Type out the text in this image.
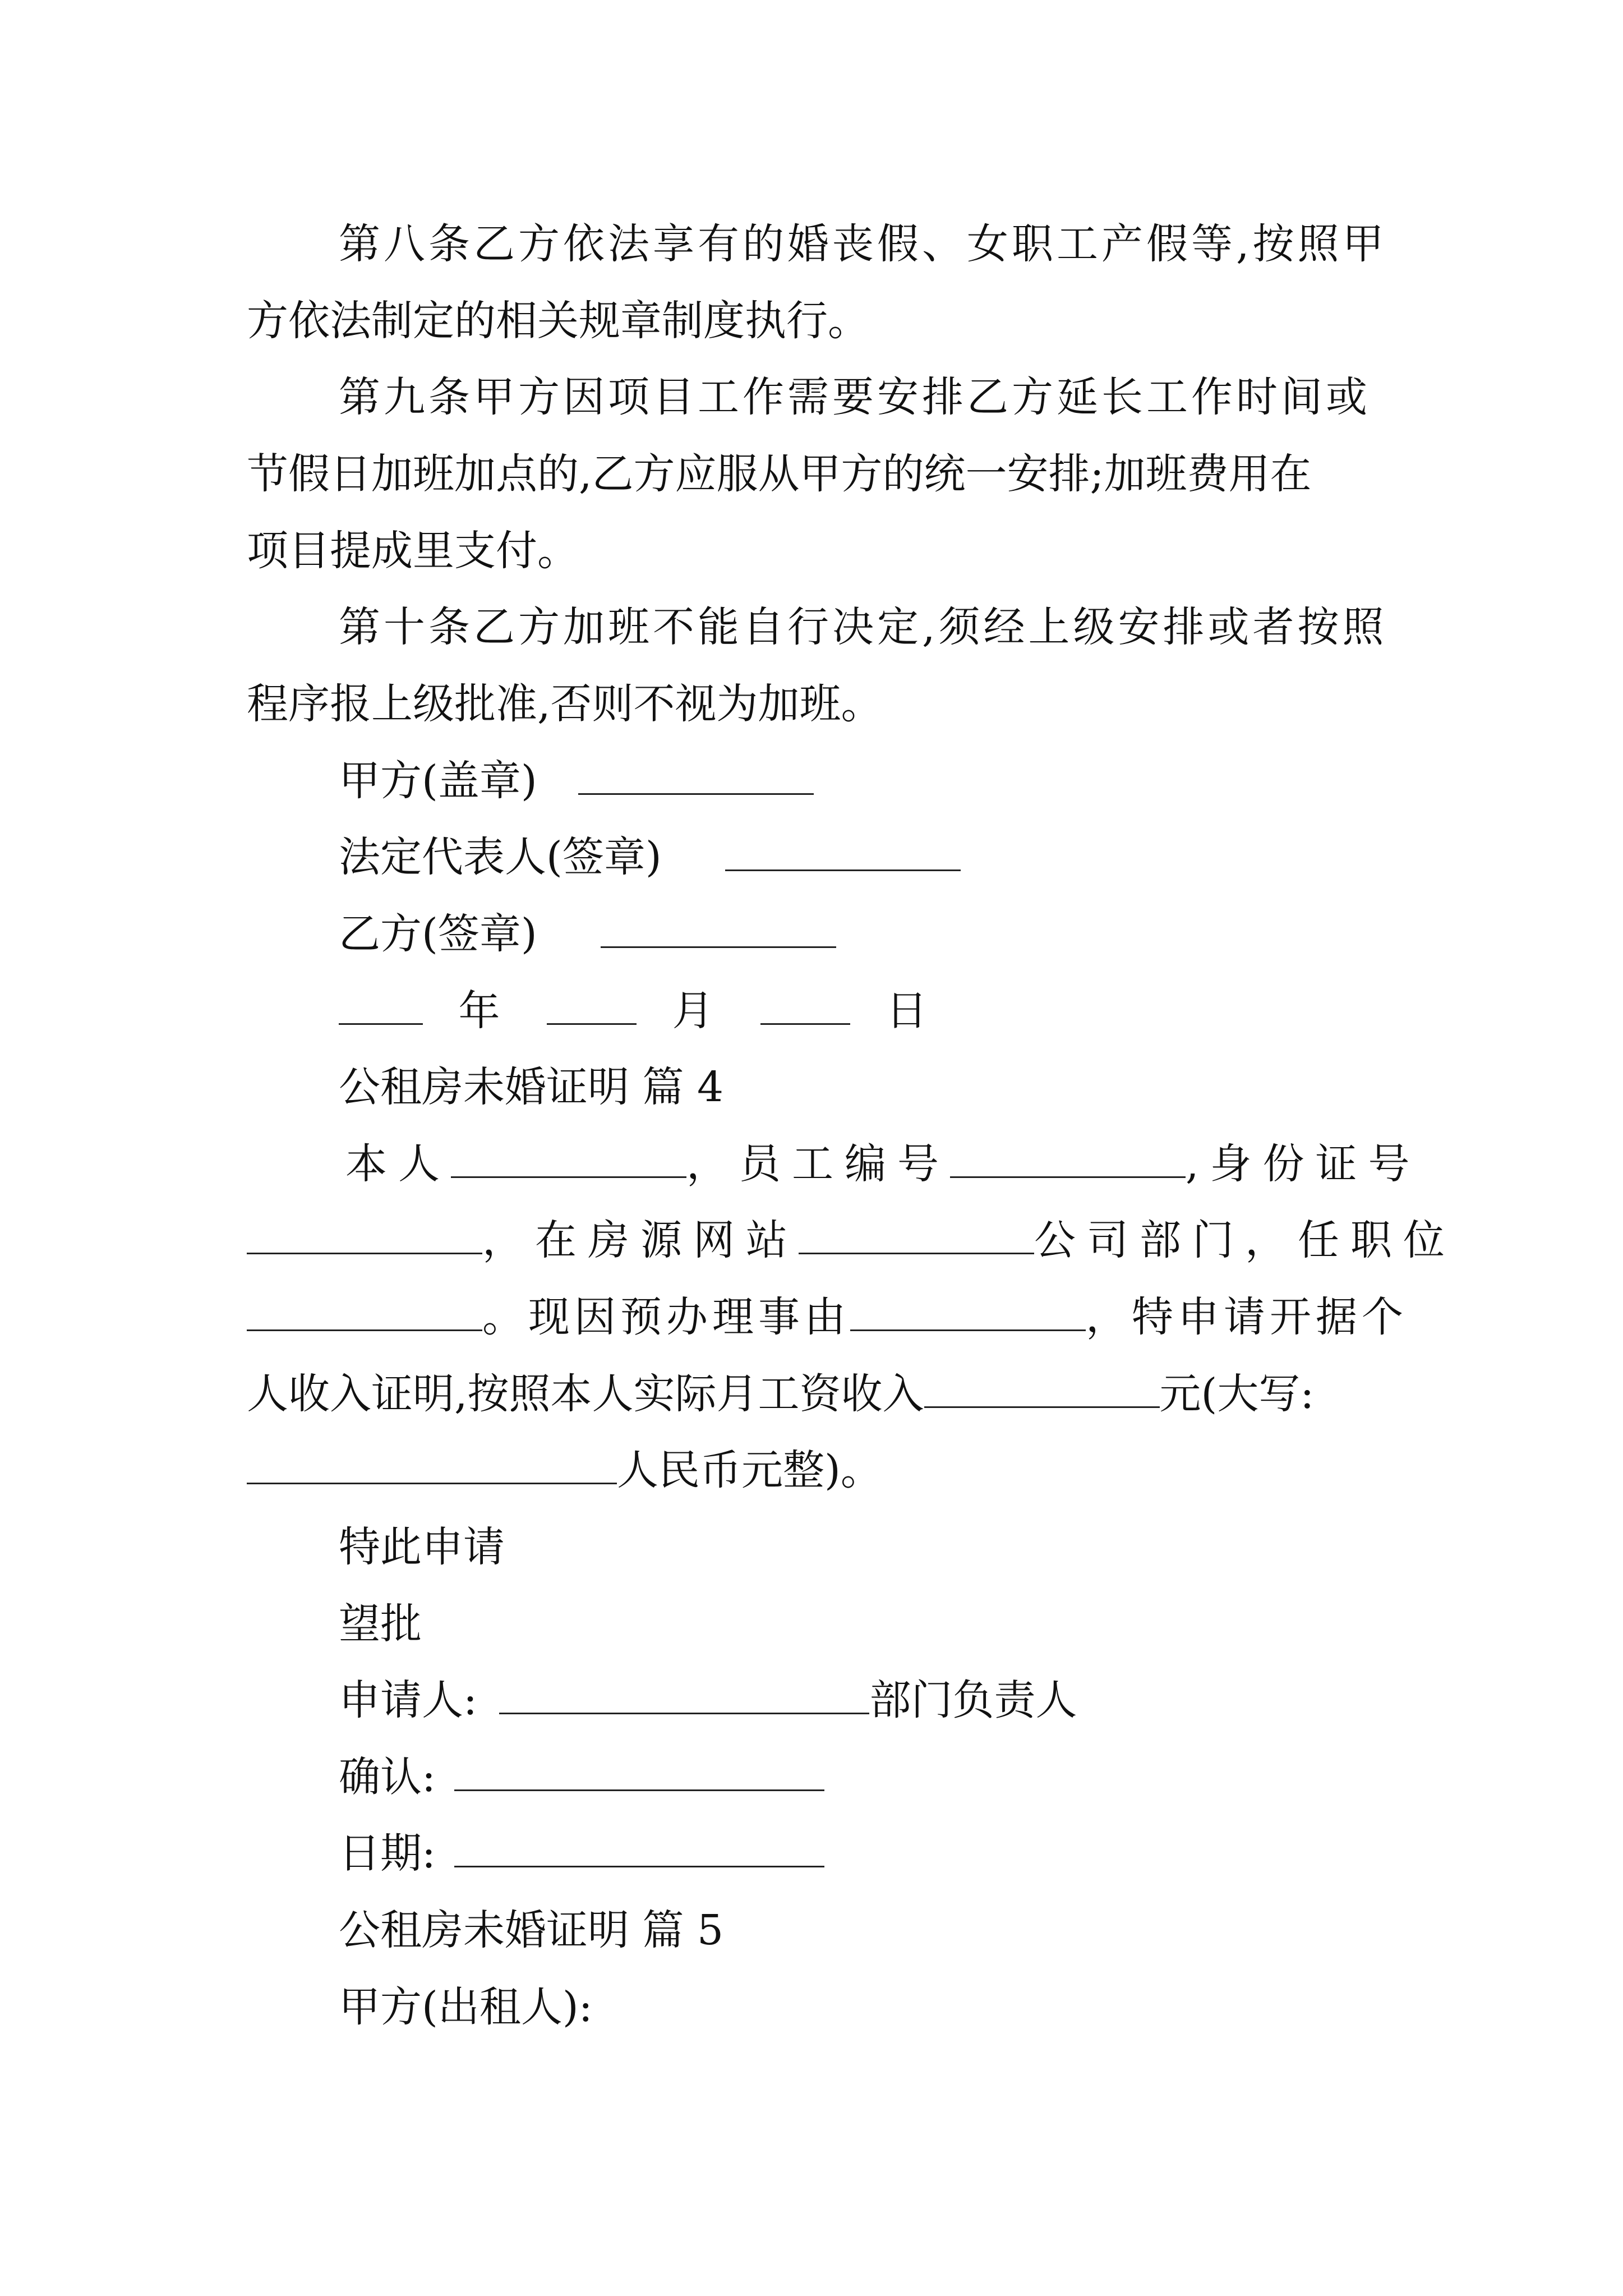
第八条乙方依法享有的婚丧假、女职工产假等,按照甲
方依法制定的相关规章制度执行。
第九条甲方因项目工作需要安排乙方延长工作时间或
节假日加班加点的,乙方应服从甲方的统一安排;加班费用在
项目提成里支付。
第十条乙方加班不能自行决定,须经上级安排或者按照
程序报上级批准,否则不视为加班。
甲方(盖章)
法定代表人(签章)
乙方(签章)
年	月	日
公租房未婚证明 篇 4
本人	，员工编号	,身份证号
，在房源网站	公司部门，任职位
。现因预办理事由	，特申请开据个
人收入证明,按照本人实际月工资收入	元(大写:
人民币元整)。
特此申请
望批
申请人:	部门负责人
确认:
日期:
公租房未婚证明 篇 5
甲方(出租人):
